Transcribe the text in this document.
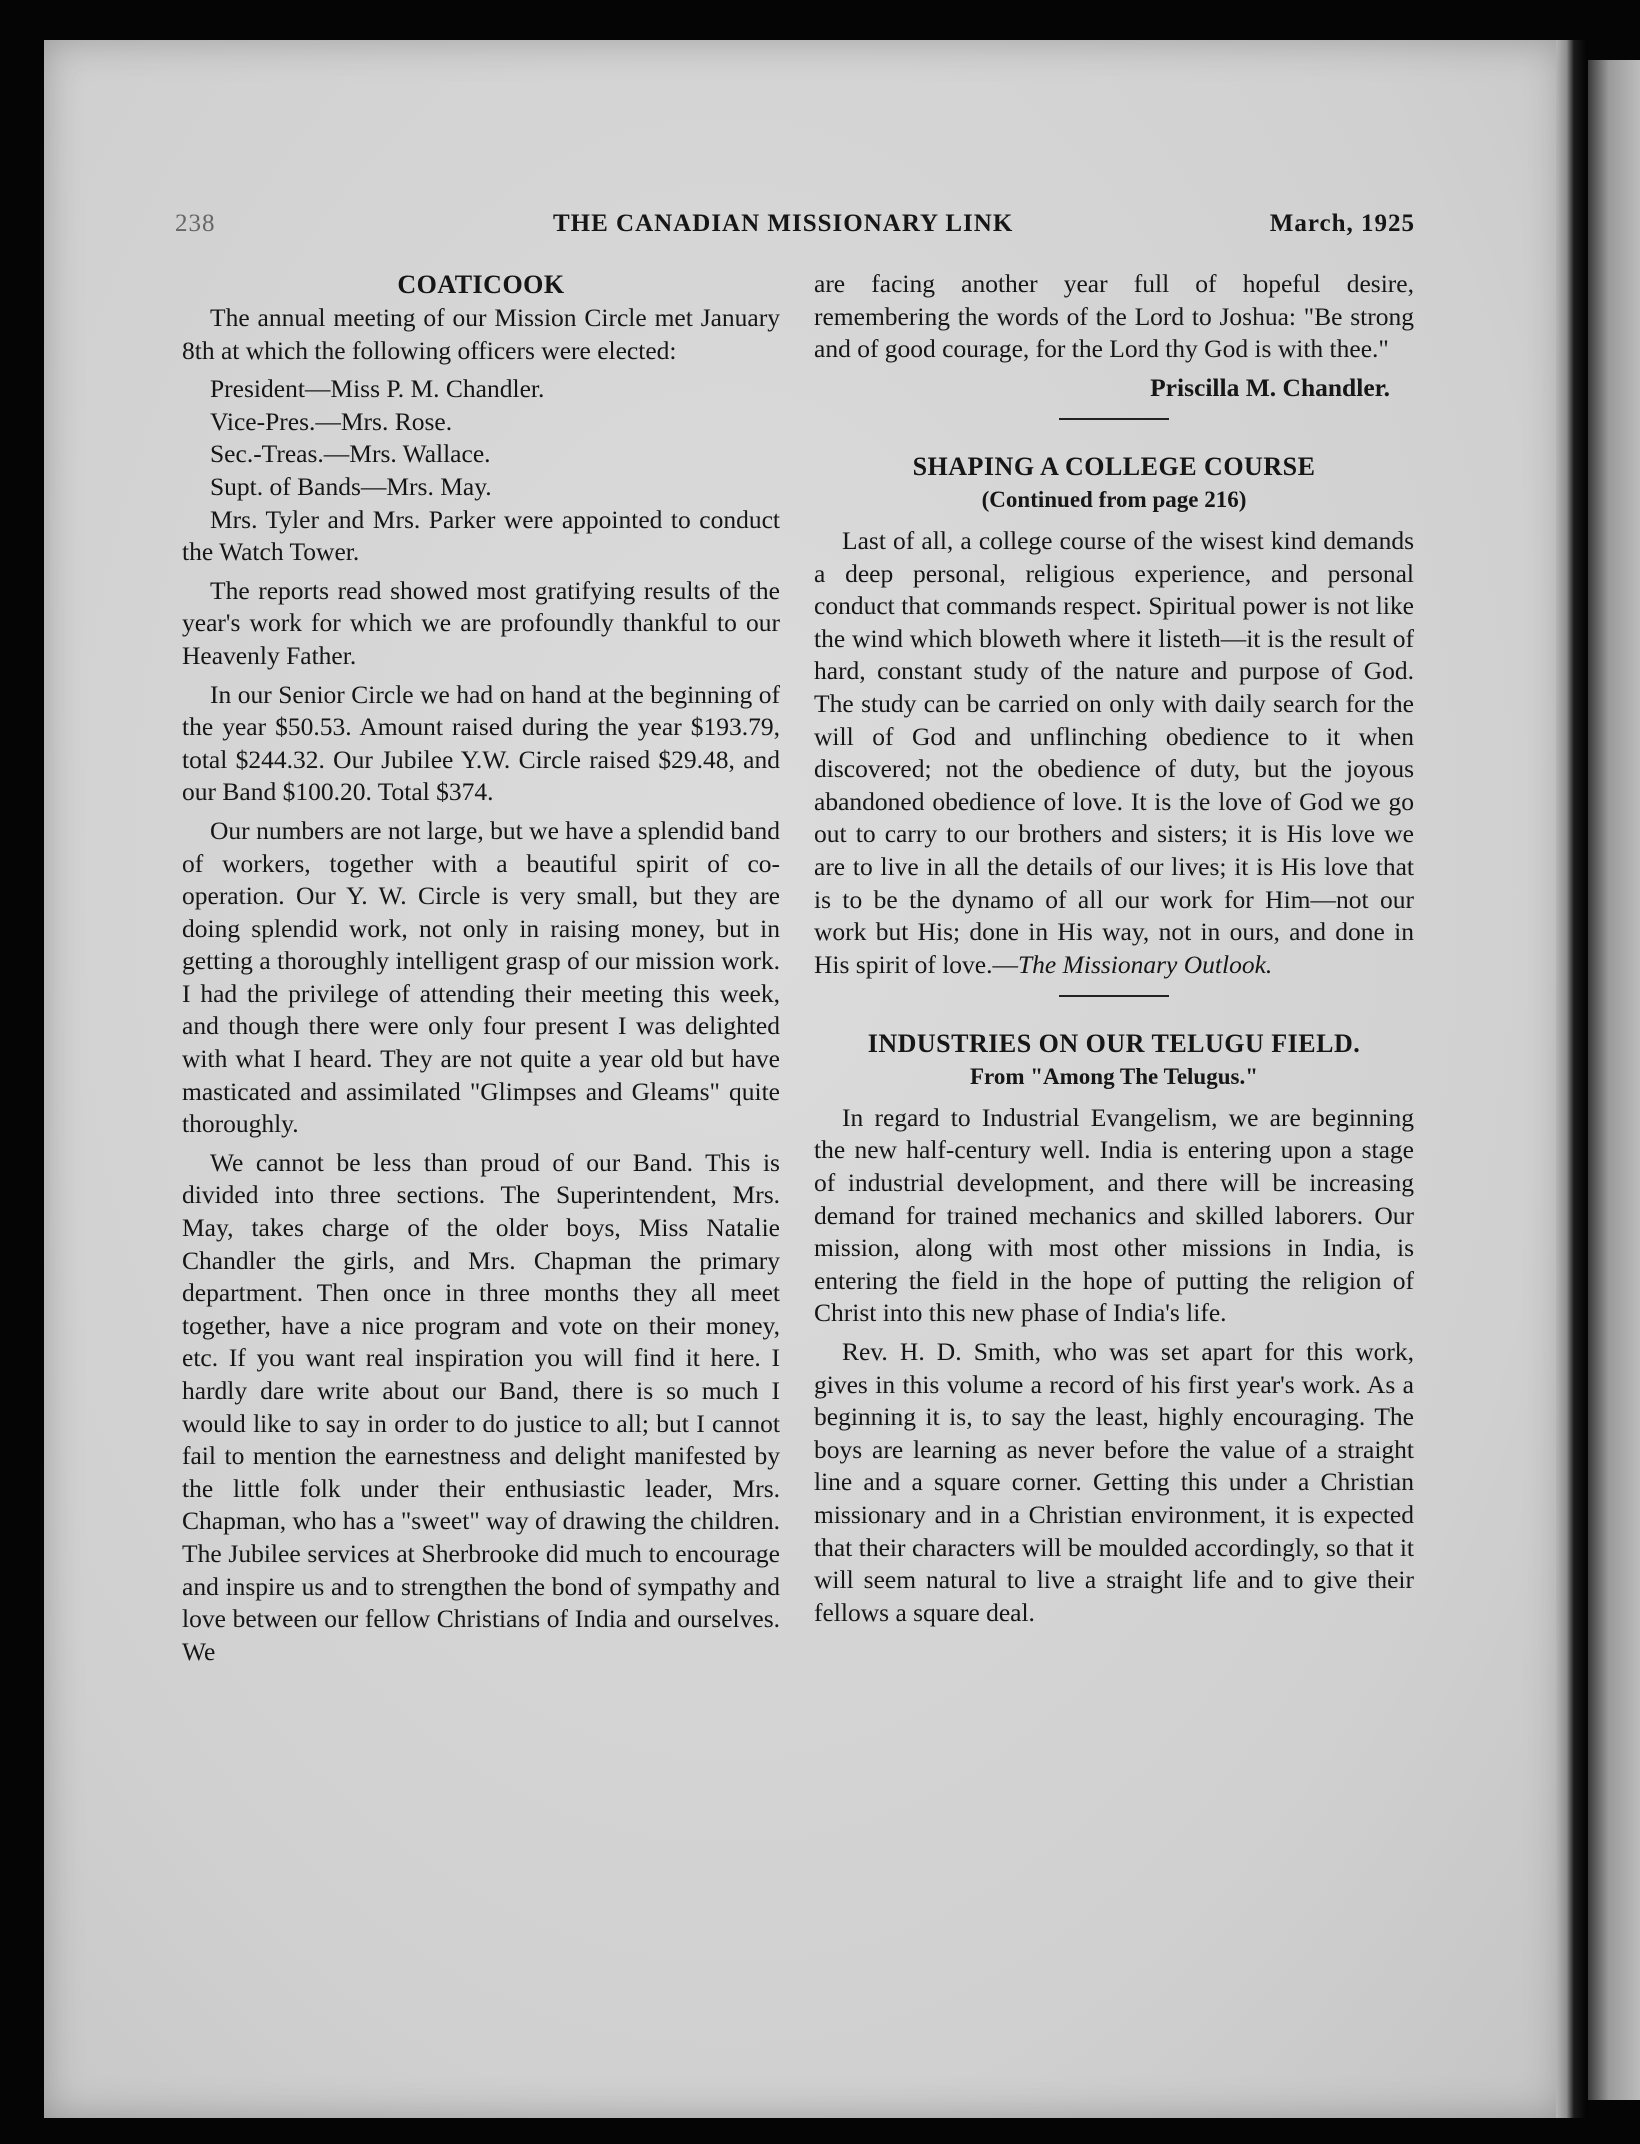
238	THE CANADIAN MISSIONARY LINK	March, 1925
COATICOOK

The annual meeting of our Mission Circle met January 8th at which the following officers were elected:

President—Miss P. M. Chandler.
Vice-Pres.—Mrs. Rose.
Sec.-Treas.—Mrs. Wallace.
Supt. of Bands—Mrs. May.

Mrs. Tyler and Mrs. Parker were appointed to conduct the Watch Tower.

The reports read showed most gratifying results of the year's work for which we are profoundly thankful to our Heavenly Father.

In our Senior Circle we had on hand at the beginning of the year $50.53. Amount raised during the year $193.79, total $244.32. Our Jubilee Y.W. Circle raised $29.48, and our Band $100.20. Total $374.

Our numbers are not large, but we have a splendid band of workers, together with a beautiful spirit of co-operation. Our Y. W. Circle is very small, but they are doing splendid work, not only in raising money, but in getting a thoroughly intelligent grasp of our mission work. I had the privilege of attending their meeting this week, and though there were only four present I was delighted with what I heard. They are not quite a year old but have masticated and assimilated "Glimpses and Gleams" quite thoroughly.

We cannot be less than proud of our Band. This is divided into three sections. The Superintendent, Mrs. May, takes charge of the older boys, Miss Natalie Chandler the girls, and Mrs. Chapman the primary department. Then once in three months they all meet together, have a nice program and vote on their money, etc. If you want real inspiration you will find it here. I hardly dare write about our Band, there is so much I would like to say in order to do justice to all; but I cannot fail to mention the earnestness and delight manifested by the little folk under their enthusiastic leader, Mrs. Chapman, who has a "sweet" way of drawing the children. The Jubilee services at Sherbrooke did much to encourage and inspire us and to strengthen the bond of sympathy and love between our fellow Christians of India and ourselves. We

are facing another year full of hopeful desire, remembering the words of the Lord to Joshua: "Be strong and of good courage, for the Lord thy God is with thee."

Priscilla M. Chandler.
SHAPING A COLLEGE COURSE
(Continued from page 216)

Last of all, a college course of the wisest kind demands a deep personal, religious experience, and personal conduct that commands respect. Spiritual power is not like the wind which bloweth where it listeth—it is the result of hard, constant study of the nature and purpose of God. The study can be carried on only with daily search for the will of God and unflinching obedience to it when discovered; not the obedience of duty, but the joyous abandoned obedience of love. It is the love of God we go out to carry to our brothers and sisters; it is His love we are to live in all the details of our lives; it is His love that is to be the dynamo of all our work for Him—not our work but His; done in His way, not in ours, and done in His spirit of love.—The Missionary Outlook.

INDUSTRIES ON OUR TELUGU FIELD.
From "Among The Telugus."

In regard to Industrial Evangelism, we are beginning the new half-century well. India is entering upon a stage of industrial development, and there will be increasing demand for trained mechanics and skilled laborers. Our mission, along with most other missions in India, is entering the field in the hope of putting the religion of Christ into this new phase of India's life.

Rev. H. D. Smith, who was set apart for this work, gives in this volume a record of his first year's work. As a beginning it is, to say the least, highly encouraging. The boys are learning as never before the value of a straight line and a square corner. Getting this under a Christian missionary and in a Christian environment, it is expected that their characters will be moulded accordingly, so that it will seem natural to live a straight life and to give their fellows a square deal.
